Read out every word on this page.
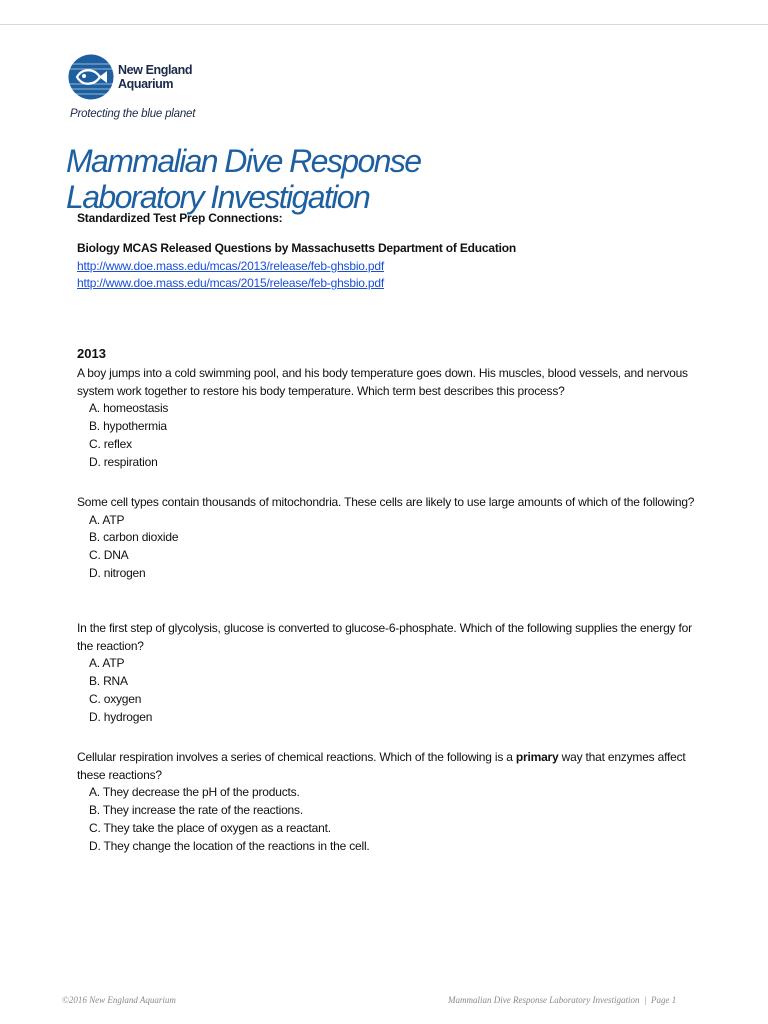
New England Aquarium
Protecting the blue planet
Mammalian Dive Response
Laboratory Investigation
Standardized Test Prep Connections:
Biology MCAS Released Questions by Massachusetts Department of Education
http://www.doe.mass.edu/mcas/2013/release/feb-ghsbio.pdf
http://www.doe.mass.edu/mcas/2015/release/feb-ghsbio.pdf
2013
A boy jumps into a cold swimming pool, and his body temperature goes down. His muscles, blood vessels, and nervous system work together to restore his body temperature. Which term best describes this process?
A. homeostasis
B. hypothermia
C. reflex
D. respiration
Some cell types contain thousands of mitochondria. These cells are likely to use large amounts of which of the following?
A. ATP
B. carbon dioxide
C. DNA
D. nitrogen
In the first step of glycolysis, glucose is converted to glucose-6-phosphate. Which of the following supplies the energy for the reaction?
A. ATP
B. RNA
C. oxygen
D. hydrogen
Cellular respiration involves a series of chemical reactions. Which of the following is a primary way that enzymes affect these reactions?
A. They decrease the pH of the products.
B. They increase the rate of the reactions.
C. They take the place of oxygen as a reactant.
D. They change the location of the reactions in the cell.
©2016 New England Aquarium	Mammalian Dive Response Laboratory Investigation  |  Page 1
